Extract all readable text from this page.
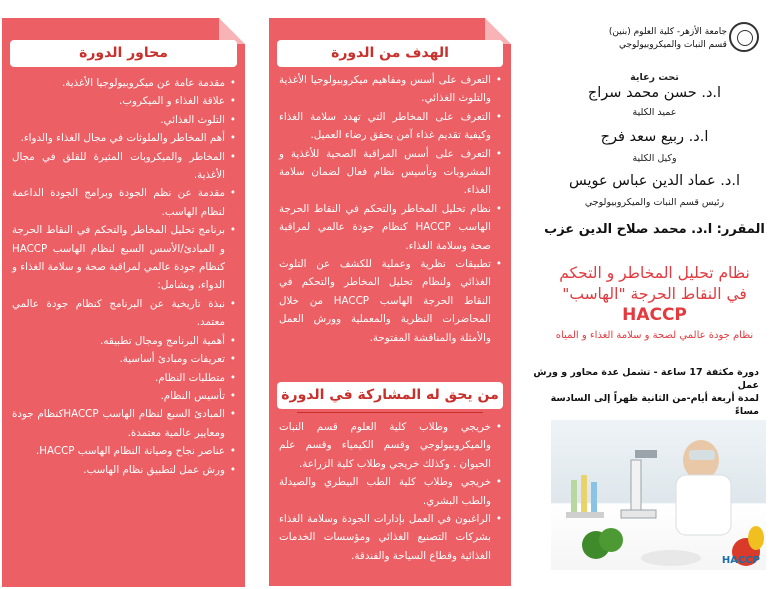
محاور الدورة
• مقدمة عامة عن ميكروبيولوجيا الأغذية.
• علاقة الغذاء و الميكروب.
• التلوث الغذائي.
• أهم المخاطر والملوثات في مجال الغذاء والدواء.
• المخاطر والميكروبات المثيرة للقلق في مجال الأغذية.
• مقدمة عن نظم الجودة وبرامج الجودة الداعمة لنظام الهاسب.
• برنامج تحليل المخاطر والتحكم في النقاط الحرجة و المبادئ/الأسس السبع لنظام الهاسب HACCP كنظام جودة عالمي لمراقبة صحة و سلامة الغذاء و الدواء، وبشامل:
• نبذة تاريخية عن البرنامج كنظام جودة عالمي معتمد.
• أهمية البرنامج ومجال تطبيقه.
• تعريفات ومبادئ أساسية.
• متطلبات النظام.
• تأسيس النظام.
• المبادئ السبع لنظام الهاسب HACCPكنظام جودة ومعايير عالمية معتمدة.
• عناصر نجاح وصيانة النظام الهاسب HACCP.
• ورش عمل لتطبيق نظام الهاسب.
الهدف من الدورة
• التعرف على أسس ومفاهيم ميكروبيولوجيا الأغذية والتلوث الغذائي.
• التعرف على المخاطر التي تهدد سلامة الغذاء وكيفية تقديم غذاء آمن يحقق رضاء العميل.
• التعرف على أسس المراقبة الصحية للأغذية و المشروبات وتأسيس نظام فعال لضمان سلامة الغذاء.
• نظام تحليل المخاطر والتحكم في النقاط الحرجة الهاسب HACCP كنظام جودة عالمي لمراقبة صحة وسلامة الغذاء.
• تطبيقات نظرية وعملية للكشف عن التلوث الغذائي ولنظام تحليل المخاطر والتحكم في النقاط الحرجة الهاسب HACCP من خلال المحاضرات النظرية والمعملية وورش العمل والأمثلة والمناقشة المفتوحة.
من يحق له المشاركة في الدورة
• خريجي وطلاب كلية العلوم قسم النبات والميكروبيولوجي وقسم الكيمياء وقسم علم الحيوان . وكذلك خريجي وطلاب كلية الزراعة.
• خريجي وطلاب كلية الطب البيطري والصيدلة والطب البشري.
• الراغبون في العمل بإدارات الجودة وسلامة الغذاء بشركات التصنيع الغذائي ومؤسسات الخدمات الغذائية وقطاع السياحة والفندقة.
جامعة الأزهر- كلية العلوم (بنين)
قسم النبات والميكروبيولوجي
تحت رعاية
ا.د. حسن محمد سراج
عميد الكلية
ا.د. ربيع سعد فرج
وكيل الكلية
ا.د. عماد الدين عباس عويس
رئيس قسم النبات والميكروبيولوجي
المقرر: ا.د. محمد صلاح الدين عزب
نظام تحليل المخاطر و التحكم
في النقاط الحرجة "الهاسب"
HACCP
نظام جودة عالمي لصحة و سلامة الغذاء و المياه
دورة مكثفة 17 ساعة - تشمل عدة محاور و ورش عمل
لمدة أربعة أيام-من الثانية ظهراً إلى السادسة مساءً
HACCP
